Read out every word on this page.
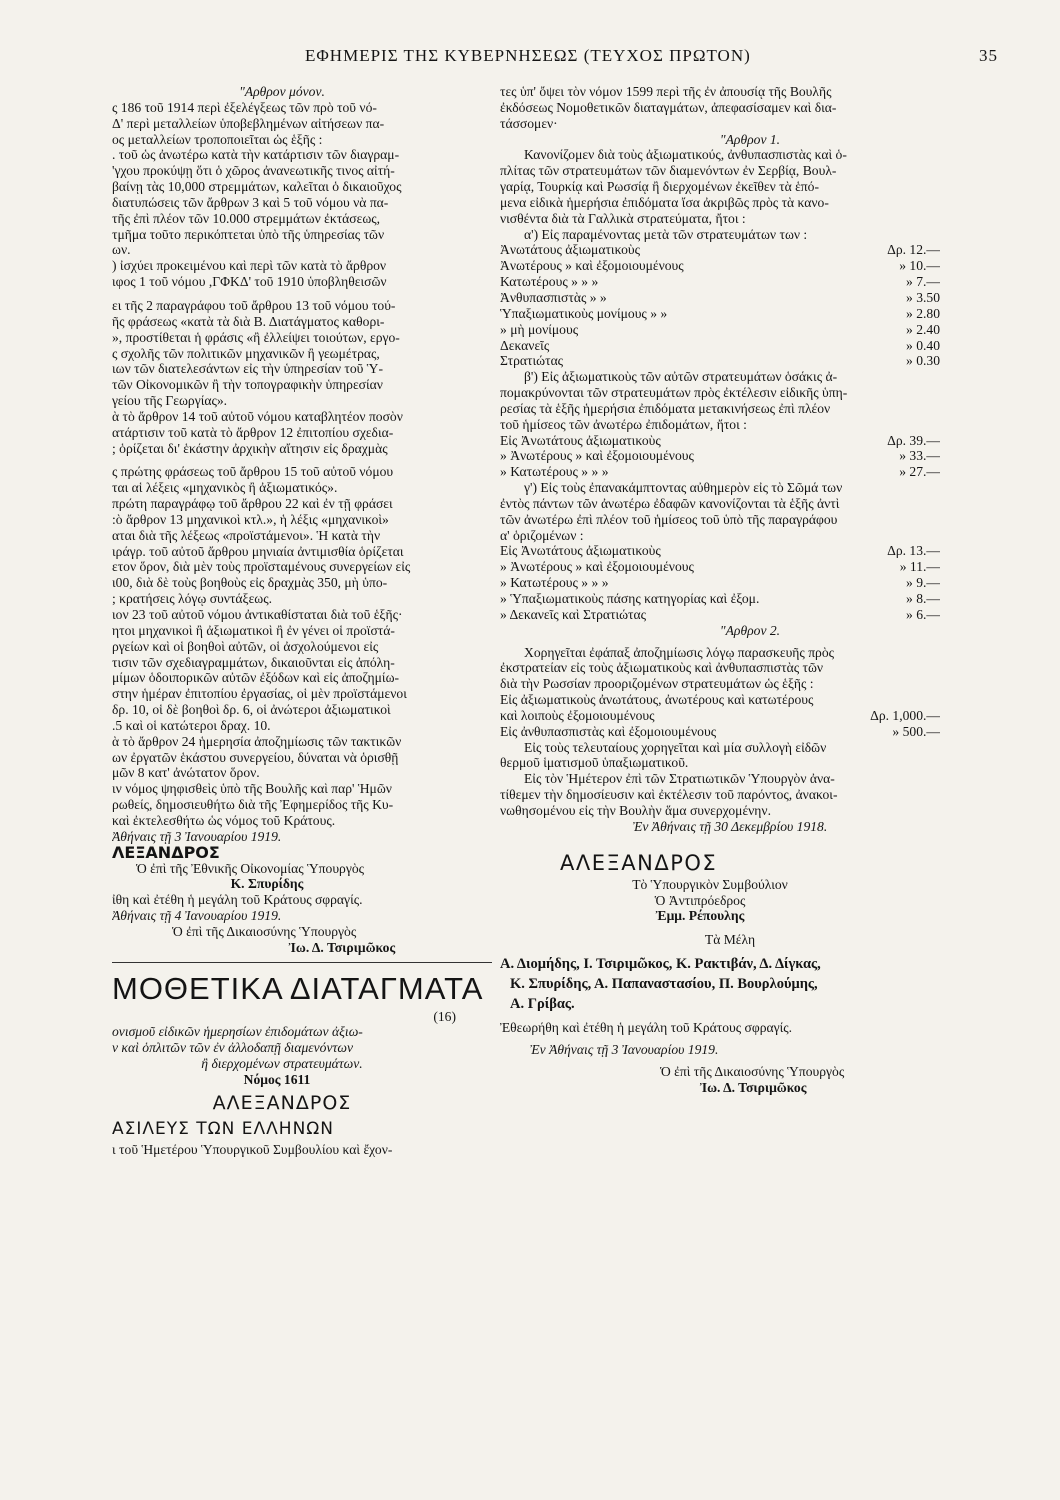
ΕΦΗΜΕΡΙΣ ΤΗΣ ΚΥΒΕΡΝΗΣΕΩΣ (ΤΕΥΧΟΣ ΠΡΩΤΟΝ)	35
"Αρθρον μόνον.
ς 186 τοῦ 1914 περὶ ἐξελέγξεως τῶν πρὸ τοῦ νό-
Δ' περὶ μεταλλείων ὑποβεβλημένων αἰτήσεων πα-
ος μεταλλείων τροποποιεῖται ὡς ἑξῆς :
. τοῦ ὡς ἀνωτέρω κατὰ τὴν κατάρτισιν τῶν διαγραμ-
'γχου προκύψῃ ὅτι ὁ χῶρος ἀνανεωτικῆς τινος αἰτή-
βαίνῃ τὰς 10,000 στρεμμάτων, καλεῖται ὁ δικαιοῦχος
διατυπώσεις τῶν ἄρθρων 3 καὶ 5 τοῦ νόμου νὰ πα-
τῆς ἐπὶ πλέον τῶν 10.000 στρεμμάτων ἐκτάσεως,
τμῆμα τοῦτο περικόπτεται ὑπὸ τῆς ὑπηρεσίας τῶν
ων.
) ἰσχύει προκειμένου καὶ περὶ τῶν κατὰ τὸ ἄρθρον
ιφος 1 τοῦ νόμου ,ΓΦΚΔ' τοῦ 1910 ὑποβληθεισῶν
ει τῆς 2 παραγράφου τοῦ ἄρθρου 13 τοῦ νόμου τού-
ῆς φράσεως «κατὰ τὰ διὰ Β. Διατάγματος καθορι-
», προστίθεται ἡ φράσις «ἢ ἐλλείψει τοιούτων, εργο-
ς σχολῆς τῶν πολιτικῶν μηχανικῶν ἢ γεωμέτρας,
ιων τῶν διατελεσάντων εἰς τὴν ὑπηρεσίαν τοῦ Ὑ-
τῶν Οἰκονομικῶν ἢ τὴν τοπογραφικὴν ὑπηρεσίαν
γείου τῆς Γεωργίας».
ὰ τὸ ἄρθρον 14 τοῦ αὐτοῦ νόμου καταβλητέον ποσὸν
ατάρτισιν τοῦ κατὰ τὸ ἄρθρον 12 ἐπιτοπίου σχεδια-
; ὁρίζεται δι' ἑκάστην ἀρχικὴν αἴτησιν εἰς δραχμὰς
ς πρώτης φράσεως τοῦ ἄρθρου 15 τοῦ αὐτοῦ νόμου
ται αἱ λέξεις «μηχανικὸς ἢ ἀξιωματικός».
πρώτη παραγράφῳ τοῦ ἄρθρου 22 καὶ ἐν τῇ φράσει
:ὸ ἄρθρον 13 μηχανικοὶ κτλ.», ἡ λέξις «μηχανικοὶ»
αται διὰ τῆς λέξεως «προϊστάμενοι». Ἡ κατὰ τὴν
ιράγρ. τοῦ αὐτοῦ ἄρθρου μηνιαία ἀντιμισθία ὁρίζεται
ετον ὅρον, διὰ μὲν τοὺς προϊσταμένους συνεργείων εἰς
ι00, διὰ δὲ τοὺς βοηθοὺς εἰς δραχμὰς 350, μὴ ὑπο-
; κρατήσεις λόγῳ συντάξεως.
ιον 23 τοῦ αὐτοῦ νόμου ἀντικαθίσταται διὰ τοῦ ἑξῆς·
ητοι μηχανικοὶ ἢ ἀξιωματικοὶ ἢ ἐν γένει οἱ προϊστά-
ργείων καὶ οἱ βοηθοὶ αὐτῶν, οἱ ἀσχολούμενοι εἰς
τισιν τῶν σχεδιαγραμμάτων, δικαιοῦνται εἰς ἀπόλη-
μίμων ὁδοιπορικῶν αὐτῶν ἐξόδων καὶ εἰς ἀποζημίω-
στην ἡμέραν ἐπιτοπίου ἐργασίας, οἱ μὲν προϊστάμενοι
δρ. 10, οἱ δὲ βοηθοὶ δρ. 6, οἱ ἀνώτεροι ἀξιωματικοὶ
.5 καὶ οἱ κατώτεροι δραχ. 10.
ὰ τὸ ἄρθρον 24 ἡμερησία ἀποζημίωσις τῶν τακτικῶν
ων ἐργατῶν ἑκάστου συνεργείου, δύναται νὰ ὁρισθῇ
μῶν 8 κατ' ἀνώτατον ὅρον.
ιν νόμος ψηφισθεὶς ὑπὸ τῆς Βουλῆς καὶ παρ' Ἡμῶν
ρωθείς, δημοσιευθήτω διὰ τῆς Ἐφημερίδος τῆς Κυ-
καὶ ἐκτελεσθήτω ὡς νόμος τοῦ Κράτους.
Ἀθήναις τῇ 3 Ἰανουαρίου 1919.
ΛΕΞΑΝΔΡΟΣ
Ὁ ἐπὶ τῆς Ἐθνικῆς Οἰκονομίας Ὑπουργὸς
Κ. Σπυρίδης
ἰθη καὶ ἐτέθη ἡ μεγάλη τοῦ Κράτους σφραγίς.
Ἀθήναις τῇ 4 Ἰανουαρίου 1919.
Ὁ ἐπὶ τῆς Δικαιοσύνης Ὑπουργὸς
Ἰω. Δ. Τσιριμῶκος
ΜΟΘΕΤΙΚΑ ΔΙΑΤΑΓΜΑΤΑ
(16)
ονισμοῦ εἰδικῶν ἡμερησίων ἐπιδομάτων ἀξιω-
ν καὶ ὁπλιτῶν τῶν ἐν ἀλλοδαπῇ διαμενόντων
ἢ διερχομένων στρατευμάτων.
Νόμος 1611
ΑΛΕΞΑΝΔΡΟΣ
ΑΣΙΛΕΥΣ ΤΩΝ ΕΛΛΗΝΩΝ
ι τοῦ Ἡμετέρου Ὑπουργικοῦ Συμβουλίου καὶ ἔχον-
τες ὑπ' ὄψει τὸν νόμον 1599 περὶ τῆς ἐν ἀπουσίᾳ τῆς Βουλῆς
ἐκδόσεως Νομοθετικῶν διαταγμάτων, ἀπεφασίσαμεν καὶ δια-
τάσσομεν·
"Αρθρον 1.
Κανονίζομεν διὰ τοὺς ἀξιωματικούς, ἀνθυπασπιστὰς καὶ ὁ-
πλίτας τῶν στρατευμάτων τῶν διαμενόντων ἐν Σερβίᾳ, Βουλ-
γαρίᾳ, Τουρκίᾳ καὶ Ρωσσίᾳ ἢ διερχομένων ἐκεῖθεν τὰ ἑπό-
μενα εἰδικὰ ἡμερήσια ἐπιδόματα ἴσα ἀκριβῶς πρὸς τὰ κανο-
νισθέντα διὰ τὰ Γαλλικὰ στρατεύματα, ἤτοι :
α') Εἰς παραμένοντας μετὰ τῶν στρατευμάτων των :
Ἀνωτάτους ἀξιωματικοὺς	Δρ. 12.—
Ἀνωτέρους » καὶ ἐξομοιουμένους	» 10.—
Κατωτέρους » » »	» 7.—
Ἀνθυπασπιστὰς » »	» 3.50
Ὑπαξιωματικοὺς μονίμους » »	» 2.80
» μὴ μονίμους	» 2.40
Δεκανεῖς	» 0.40
Στρατιώτας	» 0.30
β') Εἰς ἀξιωματικοὺς τῶν αὐτῶν στρατευμάτων ὁσάκις ἀ-
πομακρύνονται τῶν στρατευμάτων πρὸς ἐκτέλεσιν εἰδικῆς ὑπη-
ρεσίας τὰ ἑξῆς ἡμερήσια ἐπιδόματα μετακινήσεως ἐπὶ πλέον
τοῦ ἡμίσεος τῶν ἀνωτέρω ἐπιδομάτων, ἤτοι :
Εἰς Ἀνωτάτους ἀξιωματικοὺς	Δρ. 39.—
» Ἀνωτέρους » καὶ ἐξομοιουμένους	» 33.—
» Κατωτέρους » » »	» 27.—
γ') Εἰς τοὺς ἐπανακάμπτοντας αὐθημερὸν εἰς τὸ Σῶμά των
ἐντὸς πάντων τῶν ἀνωτέρω ἐδαφῶν κανονίζονται τὰ ἑξῆς ἀντὶ
τῶν ἀνωτέρω ἐπὶ πλέον τοῦ ἡμίσεος τοῦ ὑπὸ τῆς παραγράφου
α' ὁριζομένων :
Εἰς Ἀνωτάτους ἀξιωματικοὺς	Δρ. 13.—
» Ἀνωτέρους » καὶ ἐξομοιουμένους	» 11.—
» Κατωτέρους » » »	» 9.—
» Ὑπαξιωματικοὺς πάσης κατηγορίας καὶ ἐξομ.	» 8.—
» Δεκανεῖς καὶ Στρατιώτας	» 6.—
"Αρθρον 2.
Χορηγεῖται ἐφάπαξ ἀποζημίωσις λόγῳ παρασκευῆς πρὸς
ἐκστρατείαν εἰς τοὺς ἀξιωματικοὺς καὶ ἀνθυπασπιστὰς τῶν
διὰ τὴν Ρωσσίαν προοριζομένων στρατευμάτων ὡς ἑξῆς :
Εἰς ἀξιωματικοὺς ἀνωτάτους, ἀνωτέρους καὶ κατωτέρους
καὶ λοιποὺς ἐξομοιουμένους	Δρ. 1,000.—
Εἰς ἀνθυπασπιστὰς καὶ ἐξομοιουμένους	» 500.—
Εἰς τοὺς τελευταίους χορηγεῖται καὶ μία συλλογὴ εἰδῶν
θερμοῦ ἱματισμοῦ ὑπαξιωματικοῦ.
Εἰς τὸν Ἡμέτερον ἐπὶ τῶν Στρατιωτικῶν Ὑπουργὸν ἀνα-
τίθεμεν τὴν δημοσίευσιν καὶ ἐκτέλεσιν τοῦ παρόντος, ἀνακοι-
νωθησομένου εἰς τὴν Βουλὴν ἅμα συνερχομένην.
Ἐν Ἀθήναις τῇ 30 Δεκεμβρίου 1918.
ΑΛΕΞΑΝΔΡΟΣ
Τὸ Ὑπουργικὸν Συμβούλιον
Ὁ Ἀντιπρόεδρος
Ἐμμ. Ρέπουλης
Τὰ Μέλη
Α. Διομήδης, Ι. Τσιριμῶκος, Κ. Ρακτιβάν, Δ. Δίγκας,
Κ. Σπυρίδης, Α. Παπαναστασίου, Π. Βουρλούμης,
Α. Γρίβας.
Ἐθεωρήθη καὶ ἐτέθη ἡ μεγάλη τοῦ Κράτους σφραγίς.
Ἐν Ἀθήναις τῇ 3 Ἰανουαρίου 1919.
Ὁ ἐπὶ τῆς Δικαιοσύνης Ὑπουργὸς
Ἰω. Δ. Τσιριμῶκος
